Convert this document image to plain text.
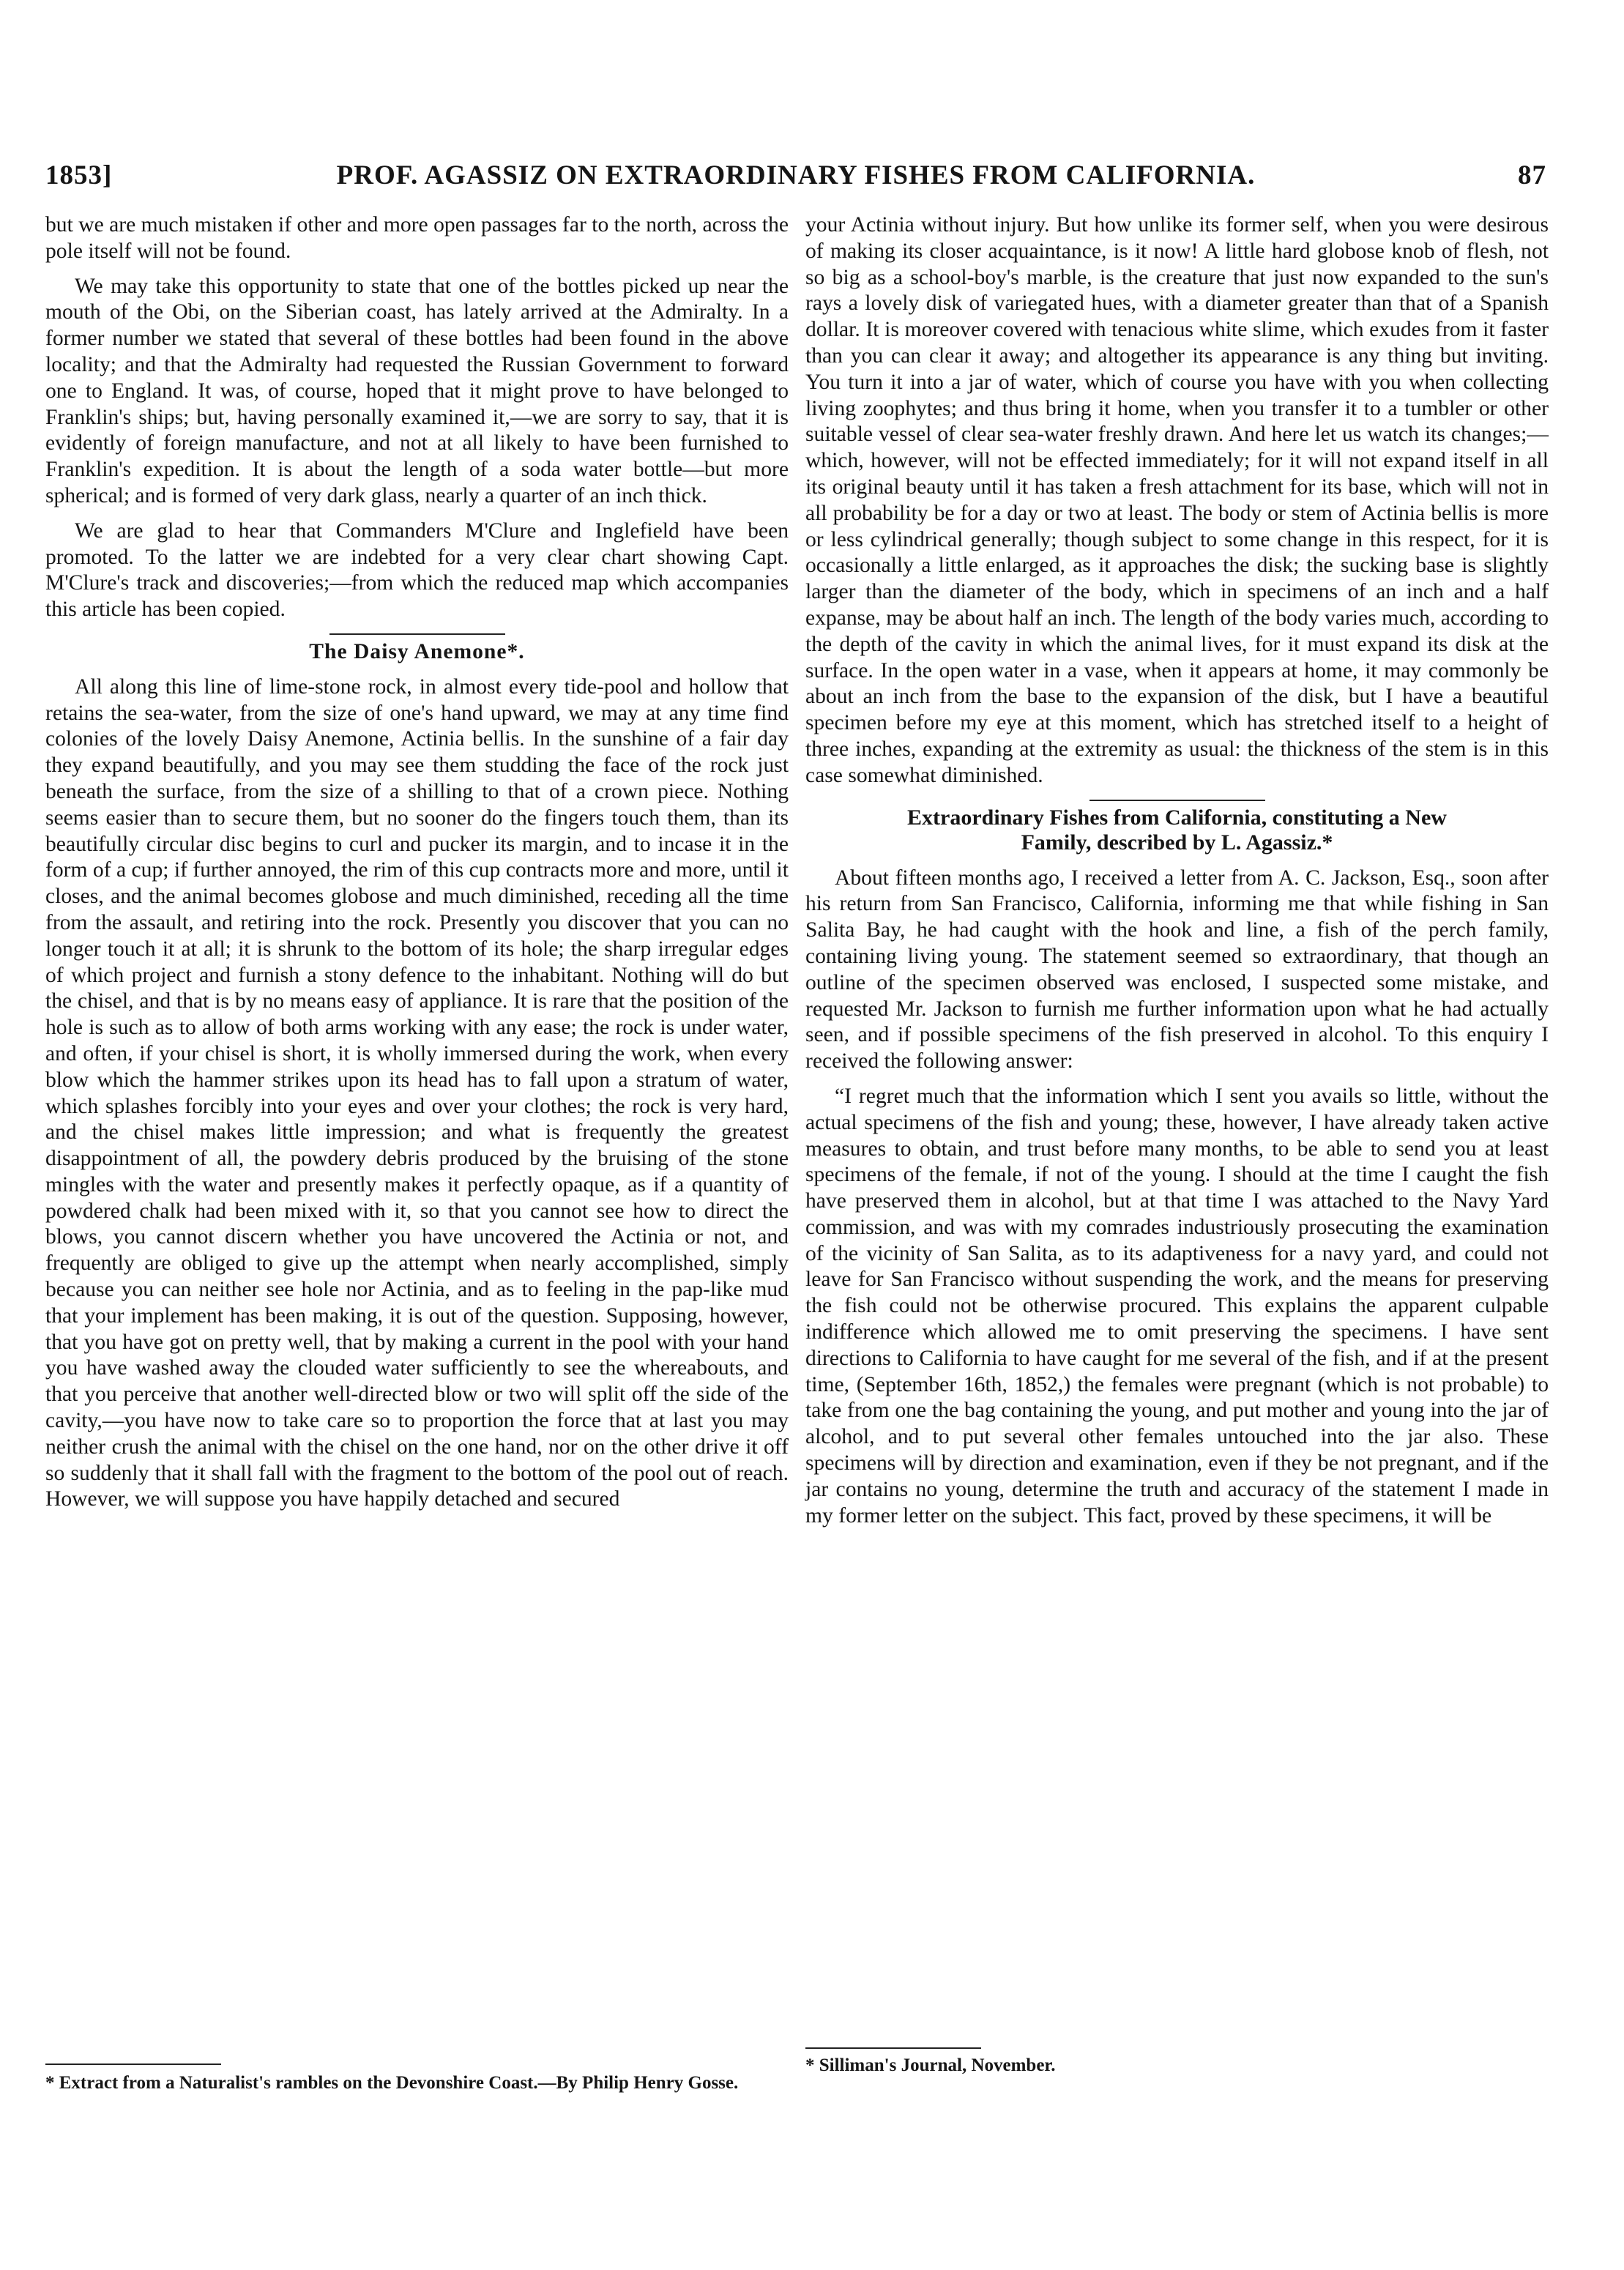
1853]	PROF. AGASSIZ ON EXTRAORDINARY FISHES FROM CALIFORNIA.	87

but we are much mistaken if other and more open passages far to the north, across the pole itself will not be found.

We may take this opportunity to state that one of the bottles picked up near the mouth of the Obi, on the Siberian coast, has lately arrived at the Admiralty. In a former number we stated that several of these bottles had been found in the above locality; and that the Admiralty had requested the Russian Government to forward one to England. It was, of course, hoped that it might prove to have belonged to Franklin's ships; but, having personally examined it,—we are sorry to say, that it is evidently of foreign manufacture, and not at all likely to have been furnished to Franklin's expedition. It is about the length of a soda water bottle—but more spherical; and is formed of very dark glass, nearly a quarter of an inch thick.

We are glad to hear that Commanders M'Clure and Inglefield have been promoted. To the latter we are indebted for a very clear chart showing Capt. M'Clure's track and discoveries;—from which the reduced map which accompanies this article has been copied.

The Daisy Anemone*.

All along this line of lime-stone rock, in almost every tide-pool and hollow that retains the sea-water, from the size of one's hand upward, we may at any time find colonies of the lovely Daisy Anemone, Actinia bellis. In the sunshine of a fair day they expand beautifully, and you may see them studding the face of the rock just beneath the surface, from the size of a shilling to that of a crown piece. Nothing seems easier than to secure them, but no sooner do the fingers touch them, than its beautifully circular disc begins to curl and pucker its margin, and to incase it in the form of a cup; if further annoyed, the rim of this cup contracts more and more, until it closes, and the animal becomes globose and much diminished, receding all the time from the assault, and retiring into the rock. Presently you discover that you can no longer touch it at all; it is shrunk to the bottom of its hole; the sharp irregular edges of which project and furnish a stony defence to the inhabitant. Nothing will do but the chisel, and that is by no means easy of appliance. It is rare that the position of the hole is such as to allow of both arms working with any ease; the rock is under water, and often, if your chisel is short, it is wholly immersed during the work, when every blow which the hammer strikes upon its head has to fall upon a stratum of water, which splashes forcibly into your eyes and over your clothes; the rock is very hard, and the chisel makes little impression; and what is frequently the greatest disappointment of all, the powdery debris produced by the bruising of the stone mingles with the water and presently makes it perfectly opaque, as if a quantity of powdered chalk had been mixed with it, so that you cannot see how to direct the blows, you cannot discern whether you have uncovered the Actinia or not, and frequently are obliged to give up the attempt when nearly accomplished, simply because you can neither see hole nor Actinia, and as to feeling in the pap-like mud that your implement has been making, it is out of the question. Supposing, however, that you have got on pretty well, that by making a current in the pool with your hand you have washed away the clouded water sufficiently to see the whereabouts, and that you perceive that another well-directed blow or two will split off the side of the cavity,—you have now to take care so to proportion the force that at last you may neither crush the animal with the chisel on the one hand, nor on the other drive it off so suddenly that it shall fall with the fragment to the bottom of the pool out of reach. However, we will suppose you have happily detached and secured

* Extract from a Naturalist's rambles on the Devonshire Coast.—By Philip Henry Gosse.

your Actinia without injury. But how unlike its former self, when you were desirous of making its closer acquaintance, is it now! A little hard globose knob of flesh, not so big as a school-boy's marble, is the creature that just now expanded to the sun's rays a lovely disk of variegated hues, with a diameter greater than that of a Spanish dollar. It is moreover covered with tenacious white slime, which exudes from it faster than you can clear it away; and altogether its appearance is any thing but inviting. You turn it into a jar of water, which of course you have with you when collecting living zoophytes; and thus bring it home, when you transfer it to a tumbler or other suitable vessel of clear sea-water freshly drawn. And here let us watch its changes;—which, however, will not be effected immediately; for it will not expand itself in all its original beauty until it has taken a fresh attachment for its base, which will not in all probability be for a day or two at least. The body or stem of Actinia bellis is more or less cylindrical generally; though subject to some change in this respect, for it is occasionally a little enlarged, as it approaches the disk; the sucking base is slightly larger than the diameter of the body, which in specimens of an inch and a half expanse, may be about half an inch. The length of the body varies much, according to the depth of the cavity in which the animal lives, for it must expand its disk at the surface. In the open water in a vase, when it appears at home, it may commonly be about an inch from the base to the expansion of the disk, but I have a beautiful specimen before my eye at this moment, which has stretched itself to a height of three inches, expanding at the extremity as usual: the thickness of the stem is in this case somewhat diminished.

Extraordinary Fishes from California, constituting a New
Family, described by L. Agassiz.*

About fifteen months ago, I received a letter from A. C. Jackson, Esq., soon after his return from San Francisco, California, informing me that while fishing in San Salita Bay, he had caught with the hook and line, a fish of the perch family, containing living young. The statement seemed so extraordinary, that though an outline of the specimen observed was enclosed, I suspected some mistake, and requested Mr. Jackson to furnish me further information upon what he had actually seen, and if possible specimens of the fish preserved in alcohol. To this enquiry I received the following answer:

“I regret much that the information which I sent you avails so little, without the actual specimens of the fish and young; these, however, I have already taken active measures to obtain, and trust before many months, to be able to send you at least specimens of the female, if not of the young. I should at the time I caught the fish have preserved them in alcohol, but at that time I was attached to the Navy Yard commission, and was with my comrades industriously prosecuting the examination of the vicinity of San Salita, as to its adaptiveness for a navy yard, and could not leave for San Francisco without suspending the work, and the means for preserving the fish could not be otherwise procured. This explains the apparent culpable indifference which allowed me to omit preserving the specimens. I have sent directions to California to have caught for me several of the fish, and if at the present time, (September 16th, 1852,) the females were pregnant (which is not probable) to take from one the bag containing the young, and put mother and young into the jar of alcohol, and to put several other females untouched into the jar also. These specimens will by direction and examination, even if they be not pregnant, and if the jar contains no young, determine the truth and accuracy of the statement I made in my former letter on the subject. This fact, proved by these specimens, it will be

* Silliman's Journal, November.
